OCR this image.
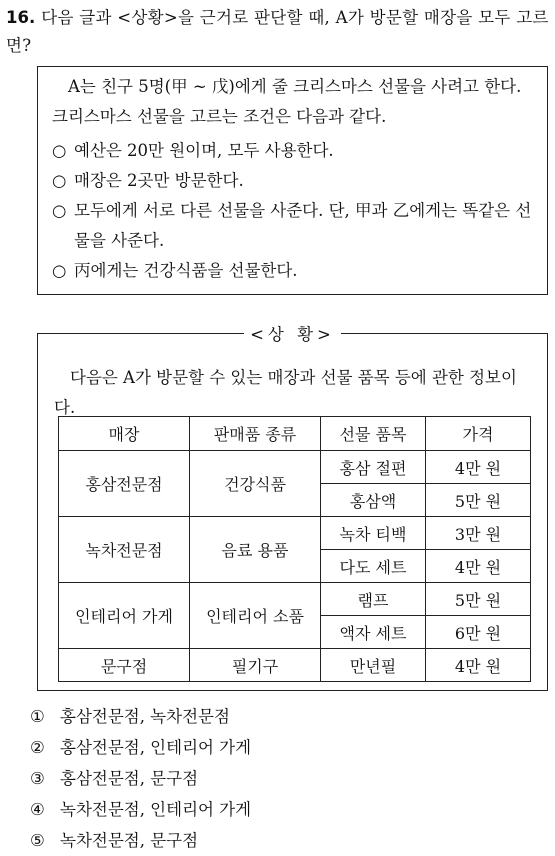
16. 다음 글과 <상황>을 근거로 판단할 때, A가 방문할 매장을 모두 고르면?

A는 친구 5명(甲 ~ 戊)에게 줄 크리스마스 선물을 사려고 한다. 크리스마스 선물을 고르는 조건은 다음과 같다.

○ 예산은 20만 원이며, 모두 사용한다.

○ 매장은 2곳만 방문한다.

○ 모두에게 서로 다른 선물을 사준다. 단, 甲과 乙에게는 똑같은 선물을 사준다.

○ 丙에게는 건강식품을 선물한다.

<상 황>

다음은 A가 방문할 수 있는 매장과 선물 품목 등에 관한 정보이다.

매장	판매품 종류	선물 품목	가격
홍삼전문점	건강식품	홍삼 절편	4만 원
		홍삼액	5만 원
녹차전문점	음료 용품	녹차 티백	3만 원
		다도 세트	4만 원
인테리어 가게	인테리어 소품	램프	5만 원
		액자 세트	6만 원
문구점	필기구	만년필	4만 원
① 홍삼전문점, 녹차전문점
② 홍삼전문점, 인테리어 가게
③ 홍삼전문점, 문구점
④ 녹차전문점, 인테리어 가게
⑤ 녹차전문점, 문구점
